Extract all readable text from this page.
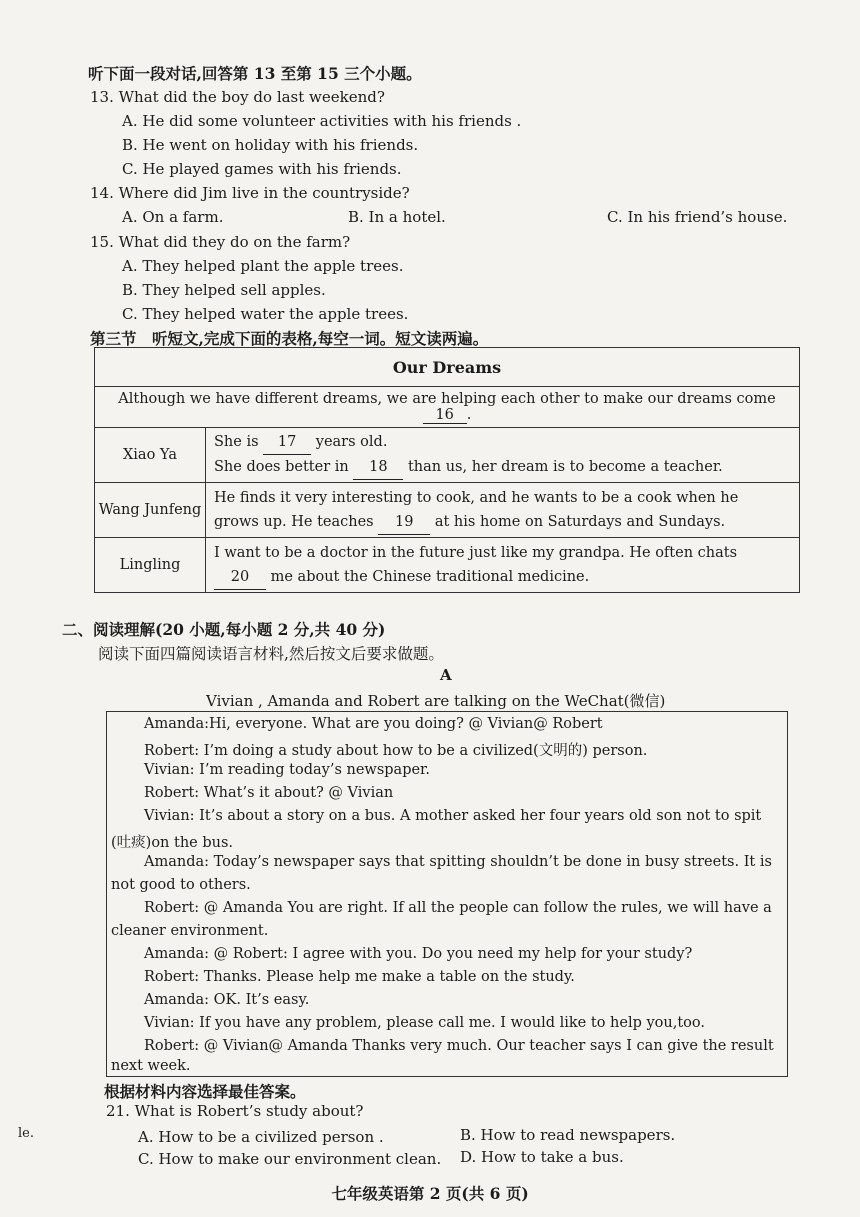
听下面一段对话,回答第 13 至第 15 三个小题。
13. What did the boy do last weekend?
A. He did some volunteer activities with his friends .
B. He went on holiday with his friends.
C. He played games with his friends.
14. Where did Jim live in the countryside?
A. On a farm.	B. In a hotel.	C. In his friend’s house.
15. What did they do on the farm?
A. They helped plant the apple trees.
B. They helped sell apples.
C. They helped water the apple trees.
第三节　听短文,完成下面的表格,每空一词。短文读两遍。
Our Dreams	
Although we have different dreams, we are helping each other to make our dreams come 16 .	
Xiao Ya	She is 17 years old.
She does better in 18 than us, her dream is to become a teacher.
Wang Junfeng	He finds it very interesting to cook, and he wants to be a cook when he
grows up. He teaches 19 at his home on Saturdays and Sundays.
Lingling	I want to be a doctor in the future just like my grandpa. He often chats
20 me about the Chinese traditional medicine.
二、阅读理解(20 小题,每小题 2 分,共 40 分)
阅读下面四篇阅读语言材料,然后按文后要求做题。
A
Vivian , Amanda and Robert are talking on the WeChat(微信)
Amanda:Hi, everyone. What are you doing? @ Vivian@ Robert
Robert: I’m doing a study about how to be a civilized(文明的) person.
Vivian: I’m reading today’s newspaper.
Robert: What’s it about? @ Vivian
Vivian: It’s about a story on a bus. A mother asked her four years old son not to spit
(吐痰)on the bus.
Amanda: Today’s newspaper says that spitting shouldn’t be done in busy streets. It is
not good to others.
Robert: @ Amanda You are right. If all the people can follow the rules, we will have a
cleaner environment.
Amanda: @ Robert: I agree with you. Do you need my help for your study?
Robert: Thanks. Please help me make a table on the study.
Amanda: OK. It’s easy.
Vivian: If you have any problem, please call me. I would like to help you,too.
Robert: @ Vivian@ Amanda Thanks very much. Our teacher says I can give the result
next week.
根据材料内容选择最佳答案。
21. What is Robert’s study about?
A. How to be a civilized person .	B. How to read newspapers.
C. How to make our environment clean. D. How to take a bus.
le.
七年级英语第 2 页(共 6 页)
